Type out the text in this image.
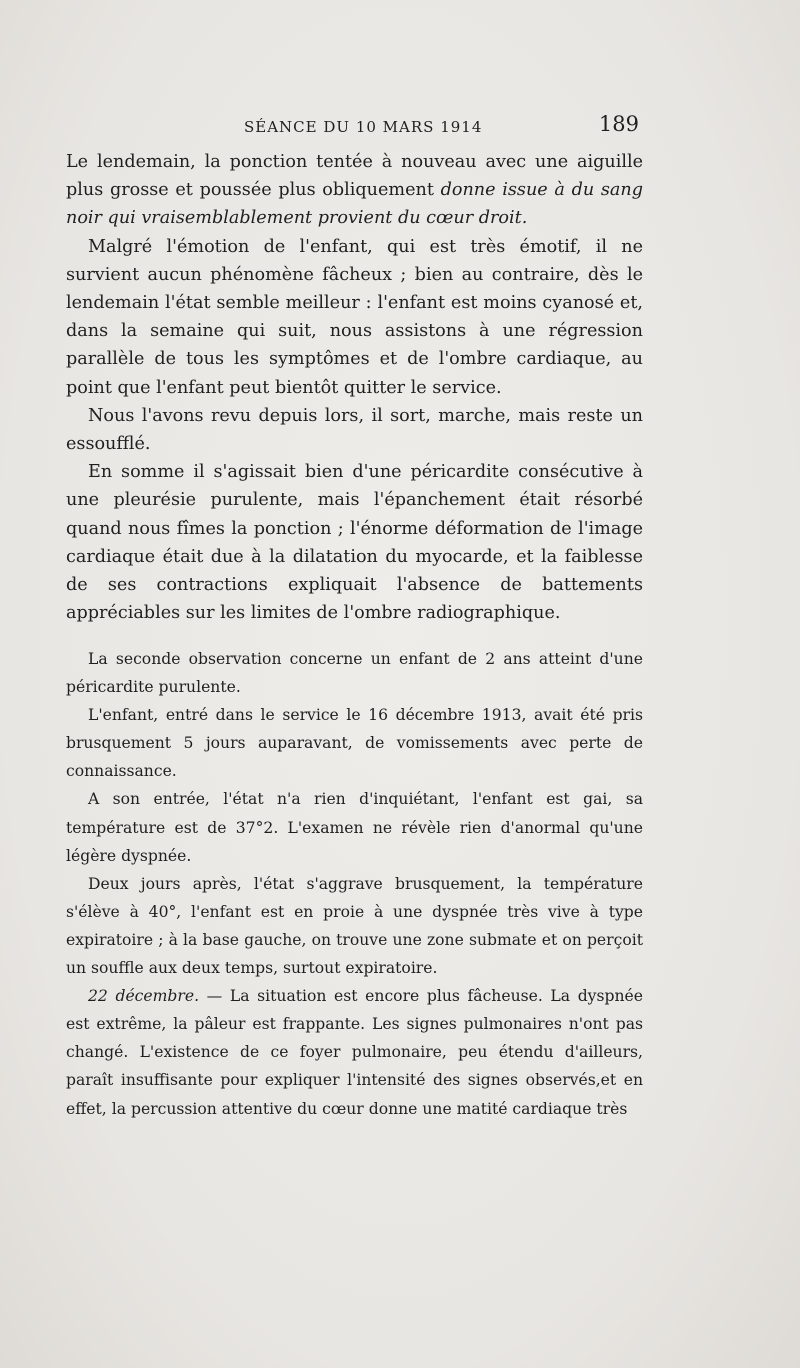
SÉANCE DU 10 MARS 1914	189

Le lendemain, la ponction tentée à nouveau avec une aiguille plus grosse et poussée plus obliquement donne issue à du sang noir qui vraisemblablement provient du cœur droit.

Malgré l'émotion de l'enfant, qui est très émotif, il ne survient aucun phénomène fâcheux ; bien au contraire, dès le lendemain l'état semble meilleur : l'enfant est moins cyanosé et, dans la semaine qui suit, nous assistons à une régression parallèle de tous les symptômes et de l'ombre cardiaque, au point que l'enfant peut bientôt quitter le service.

Nous l'avons revu depuis lors, il sort, marche, mais reste un essoufflé.

En somme il s'agissait bien d'une péricardite consécutive à une pleurésie purulente, mais l'épanchement était résorbé quand nous fîmes la ponction ; l'énorme déformation de l'image cardiaque était due à la dilatation du myocarde, et la faiblesse de ses contractions expliquait l'absence de battements appréciables sur les limites de l'ombre radiographique.

La seconde observation concerne un enfant de 2 ans atteint d'une péricardite purulente.

L'enfant, entré dans le service le 16 décembre 1913, avait été pris brusquement 5 jours auparavant, de vomissements avec perte de connaissance.

A son entrée, l'état n'a rien d'inquiétant, l'enfant est gai, sa température est de 37°2. L'examen ne révèle rien d'anormal qu'une légère dyspnée.

Deux jours après, l'état s'aggrave brusquement, la température s'élève à 40°, l'enfant est en proie à une dyspnée très vive à type expiratoire ; à la base gauche, on trouve une zone submate et on perçoit un souffle aux deux temps, surtout expiratoire.

22 décembre. — La situation est encore plus fâcheuse. La dyspnée est extrême, la pâleur est frappante. Les signes pulmonaires n'ont pas changé. L'existence de ce foyer pulmonaire, peu étendu d'ailleurs, paraît insuffisante pour expliquer l'intensité des signes observés,et en effet, la percussion attentive du cœur donne une matité cardiaque très
